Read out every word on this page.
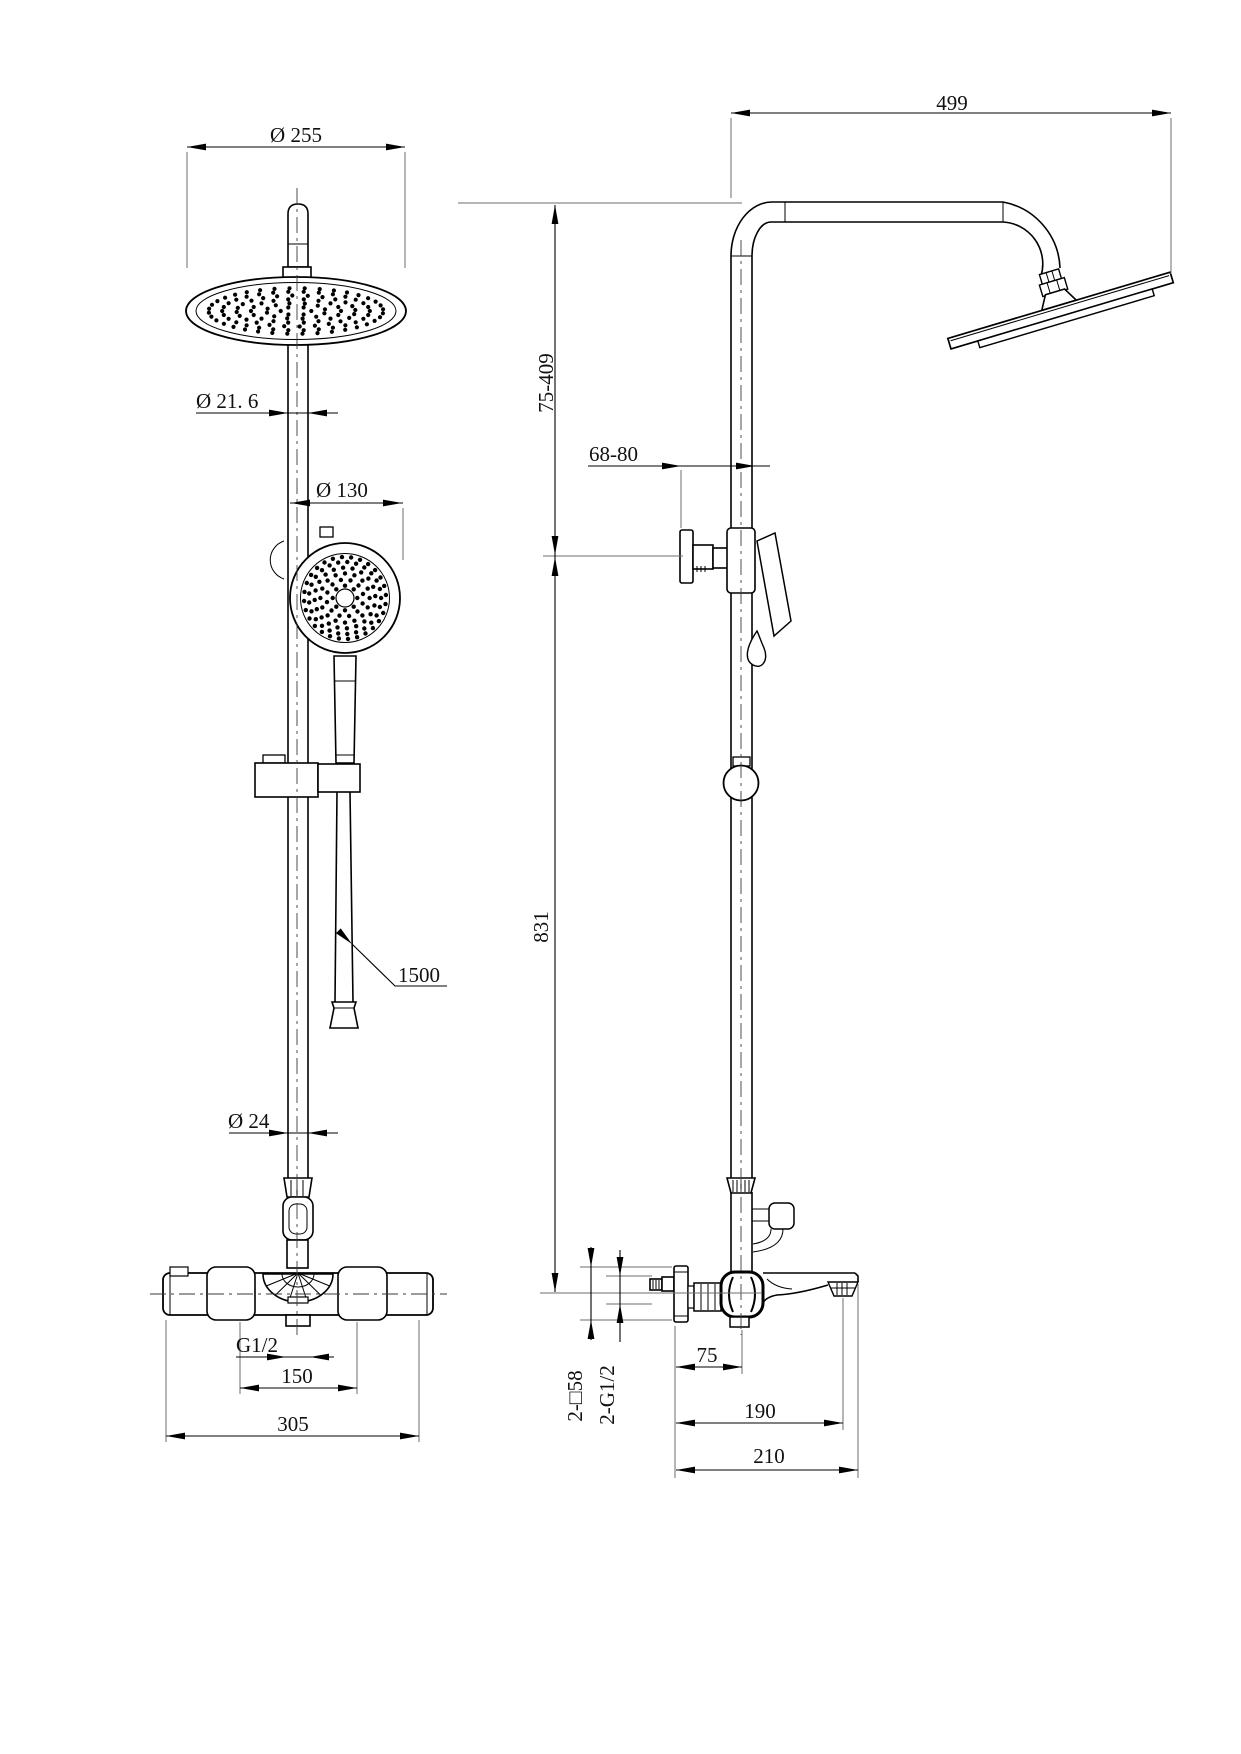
Ø 255
Ø 21. 6
Ø 130
1500
Ø 24
G1/2
150
305
499
75-409
68-80
831
75
190
210
2-□58 2-G1/2
